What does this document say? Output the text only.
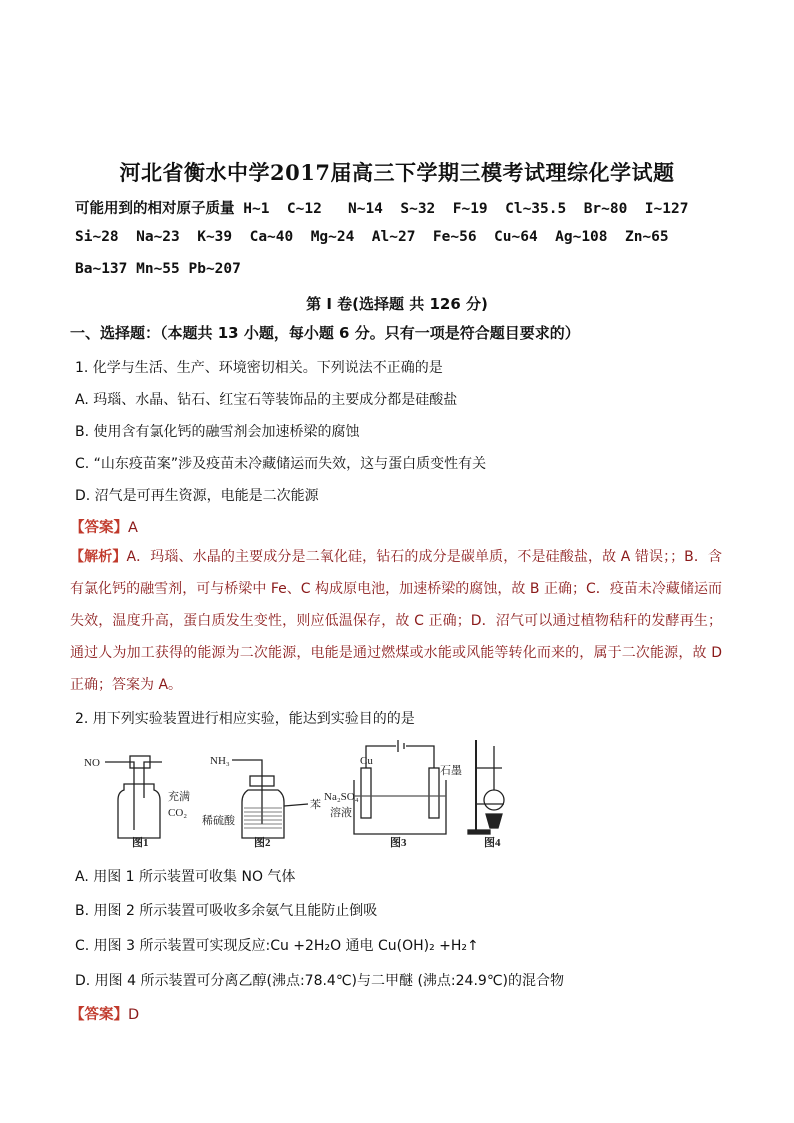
河北省衡水中学2017届高三下学期三模考试理综化学试题
可能用到的相对原子质量 H~1  C~12   N~14  S~32  F~19  Cl~35.5  Br~80  I~127
Si~28  Na~23  K~39  Ca~40  Mg~24  Al~27  Fe~56  Cu~64  Ag~108  Zn~65
Ba~137 Mn~55 Pb~207
第 I 卷(选择题 共 126 分)
一、选择题：（本题共 13 小题，每小题 6 分。只有一项是符合题目要求的）
1. 化学与生活、生产、环境密切相关。下列说法不正确的是
A. 玛瑙、水晶、钻石、红宝石等装饰品的主要成分都是硅酸盐
B. 使用含有氯化钙的融雪剂会加速桥梁的腐蚀
C. “山东疫苗案”涉及疫苗未冷藏储运而失效，这与蛋白质变性有关
D. 沼气是可再生资源，电能是二次能源
【答案】A
【解析】A．玛瑙、水晶的主要成分是二氧化硅，钻石的成分是碳单质，不是硅酸盐，故 A 错误；；B．含有氯化钙的融雪剂，可与桥梁中 Fe、C 构成原电池，加速桥梁的腐蚀，故 B 正确；C．疫苗未冷藏储运而失效，温度升高，蛋白质发生变性，则应低温保存，故 C 正确；D．沼气可以通过植物秸秆的发酵再生；通过人为加工获得的能源为二次能源，电能是通过燃煤或水能或风能等转化而来的，属于二次能源，故 D 正确；答案为 A。
2. 用下列实验装置进行相应实验，能达到实验目的的是
NO
充满
CO₂
图1
NH₃
稀硫酸
苯
图2
Cu
石墨
Na₂SO₄
溶液
图3	图4
A. 用图 1 所示装置可收集 NO 气体
B. 用图 2 所示装置可吸收多余氨气且能防止倒吸
C. 用图 3 所示装置可实现反应:Cu +2H₂O 通电 Cu(OH)₂ +H₂↑
D. 用图 4 所示装置可分离乙醇(沸点:78.4℃)与二甲醚 (沸点:24.9℃)的混合物
【答案】D
